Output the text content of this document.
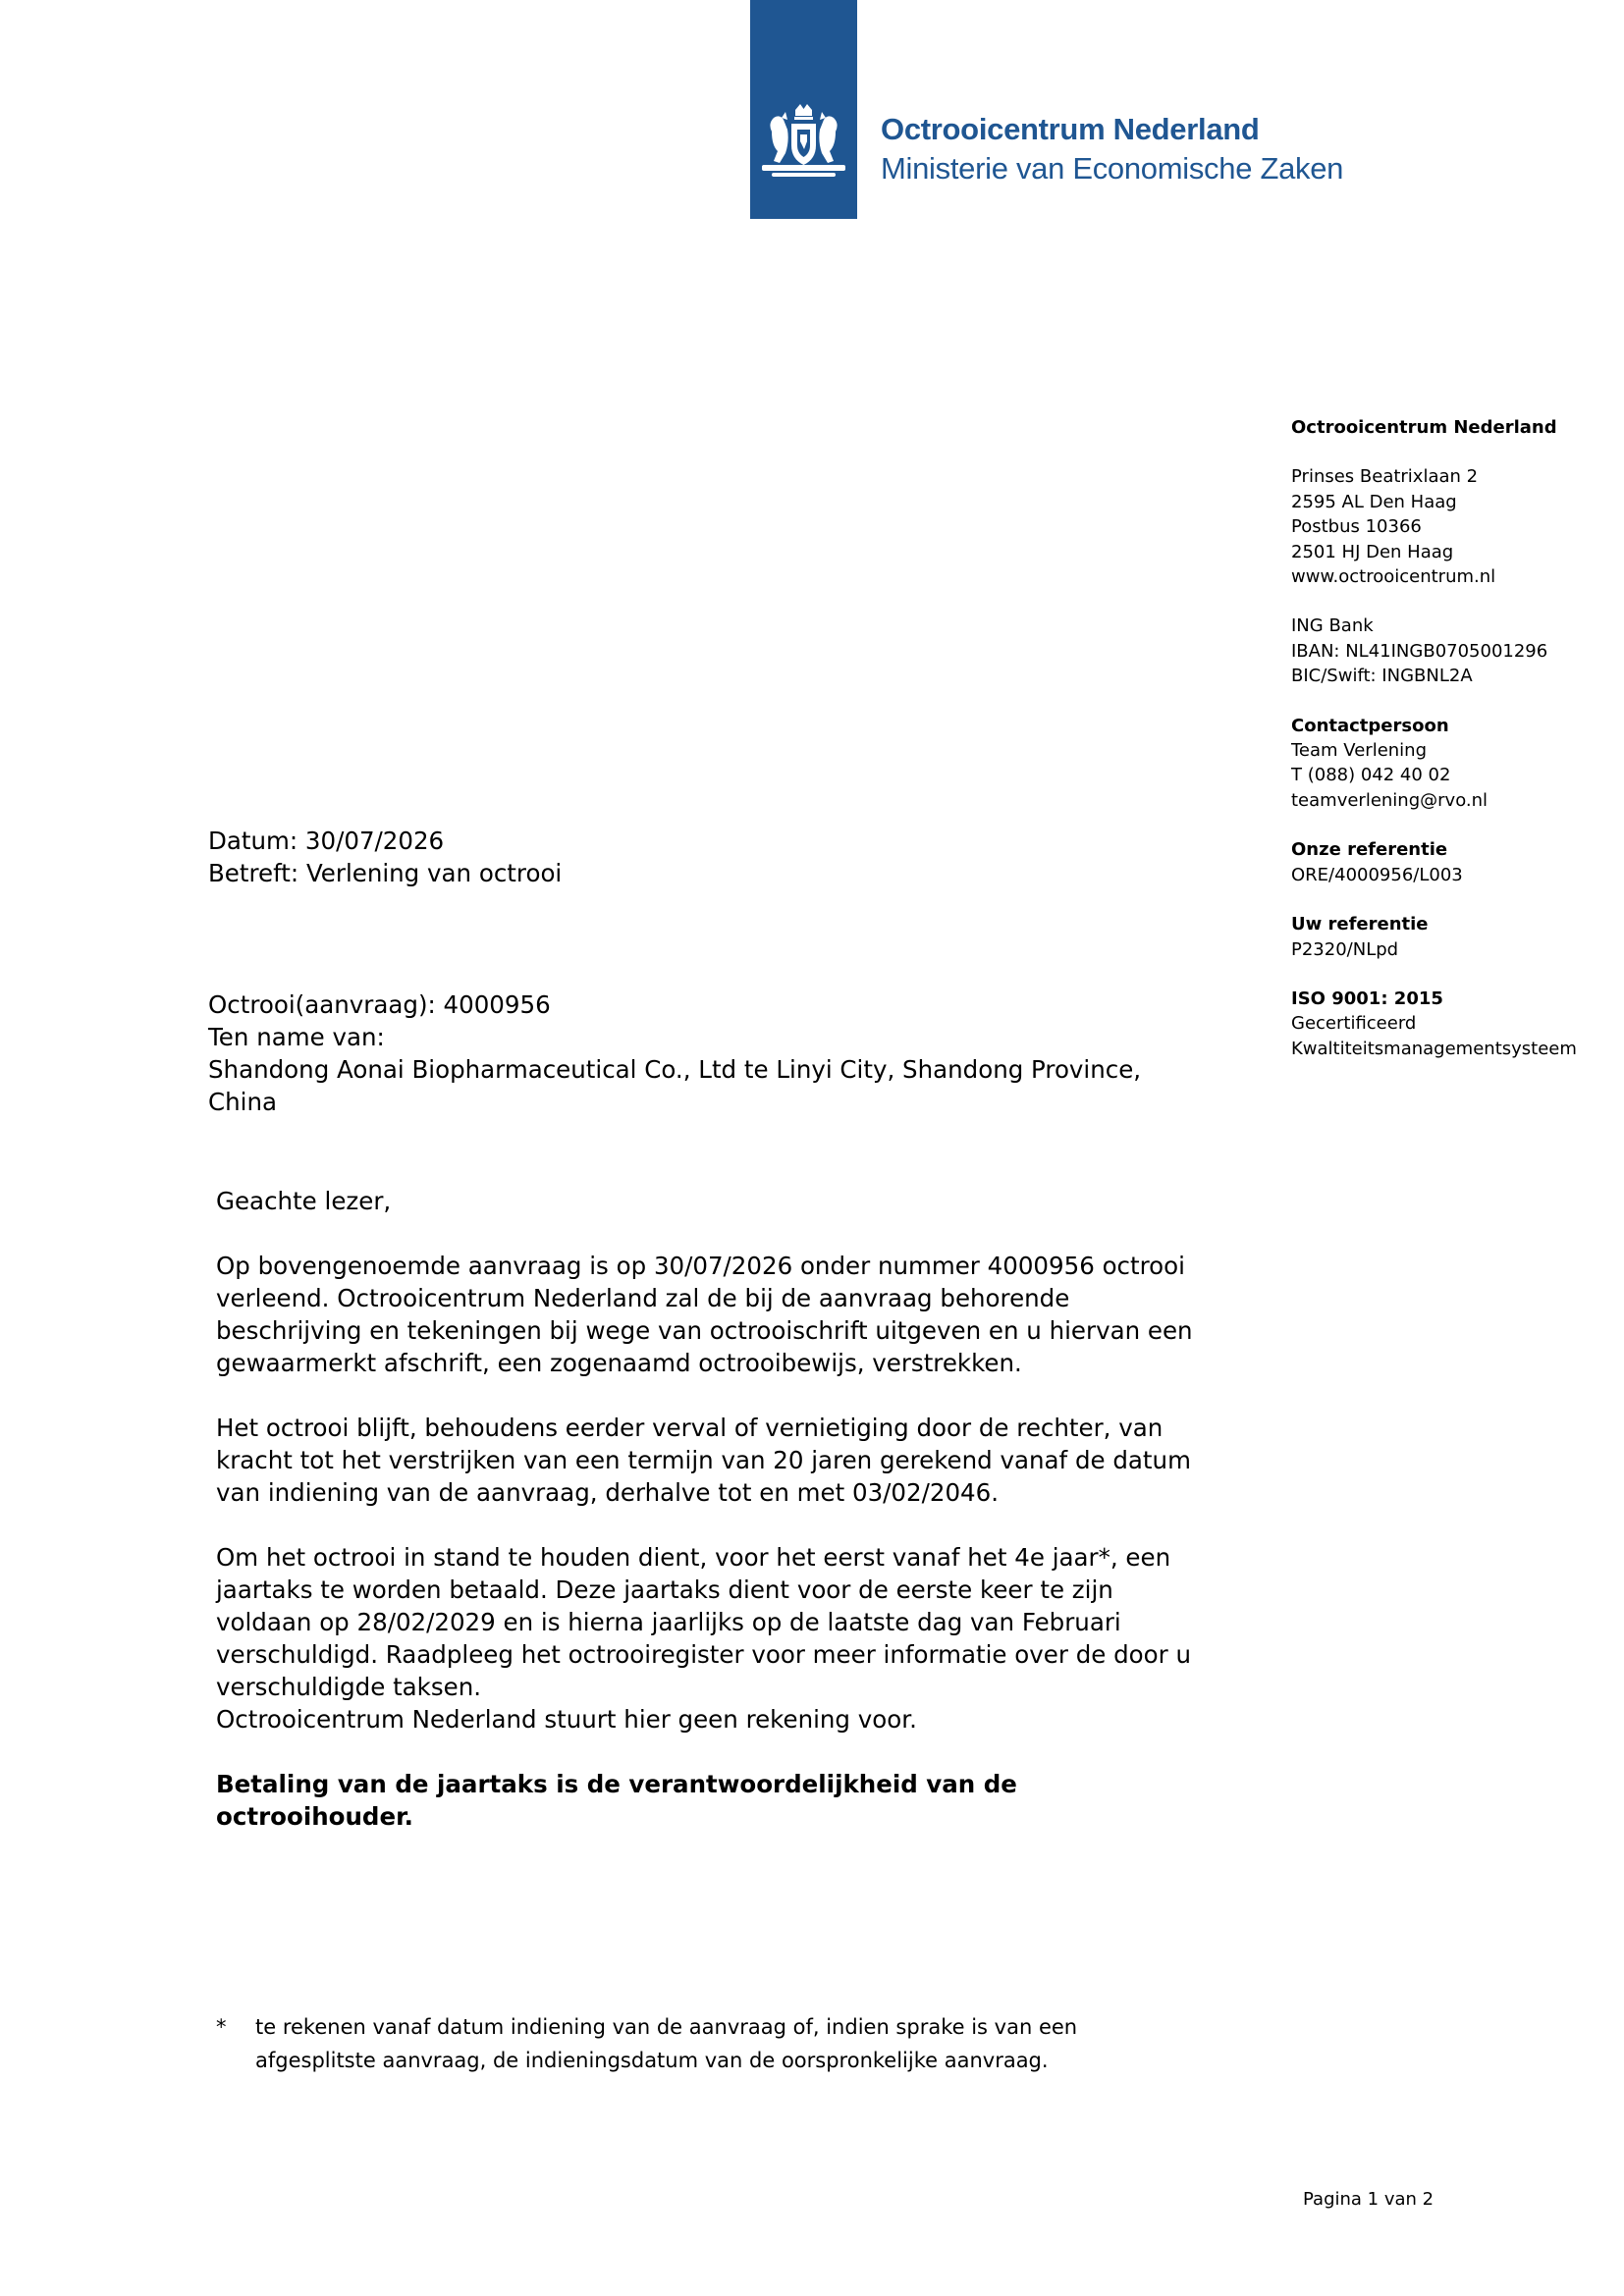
Octrooicentrum Nederland
Ministerie van Economische Zaken
Octrooicentrum Nederland
Prinses Beatrixlaan 2
2595 AL Den Haag
Postbus 10366
2501 HJ Den Haag
www.octrooicentrum.nl
ING Bank
IBAN: NL41INGB0705001296
BIC/Swift: INGBNL2A
Contactpersoon
Team Verlening
T (088) 042 40 02
teamverlening@rvo.nl
Onze referentie
ORE/4000956/L003
Uw referentie
P2320/NLpd
ISO 9001: 2015
Gecertificeerd
Kwaltiteitsmanagementsysteem
Datum: 30/07/2026
Betreft: Verlening van octrooi
Octrooi(aanvraag): 4000956
Ten name van:
Shandong Aonai Biopharmaceutical Co., Ltd te Linyi City, Shandong Province,
China

Geachte lezer,

Op bovengenoemde aanvraag is op 30/07/2026 onder nummer 4000956 octrooi
verleend. Octrooicentrum Nederland zal de bij de aanvraag behorende
beschrijving en tekeningen bij wege van octrooischrift uitgeven en u hiervan een
gewaarmerkt afschrift, een zogenaamd octrooibewijs, verstrekken.

Het octrooi blijft, behoudens eerder verval of vernietiging door de rechter, van
kracht tot het verstrijken van een termijn van 20 jaren gerekend vanaf de datum
van indiening van de aanvraag, derhalve tot en met 03/02/2046.

Om het octrooi in stand te houden dient, voor het eerst vanaf het 4e jaar*, een
jaartaks te worden betaald. Deze jaartaks dient voor de eerste keer te zijn
voldaan op 28/02/2029 en is hierna jaarlijks op de laatste dag van Februari
verschuldigd. Raadpleeg het octrooiregister voor meer informatie over de door u
verschuldigde taksen.
Octrooicentrum Nederland stuurt hier geen rekening voor.

Betaling van de jaartaks is de verantwoordelijkheid van de
octrooihouder.

* te rekenen vanaf datum indiening van de aanvraag of, indien sprake is van een
afgesplitste aanvraag, de indieningsdatum van de oorspronkelijke aanvraag.
Pagina 1 van 2
